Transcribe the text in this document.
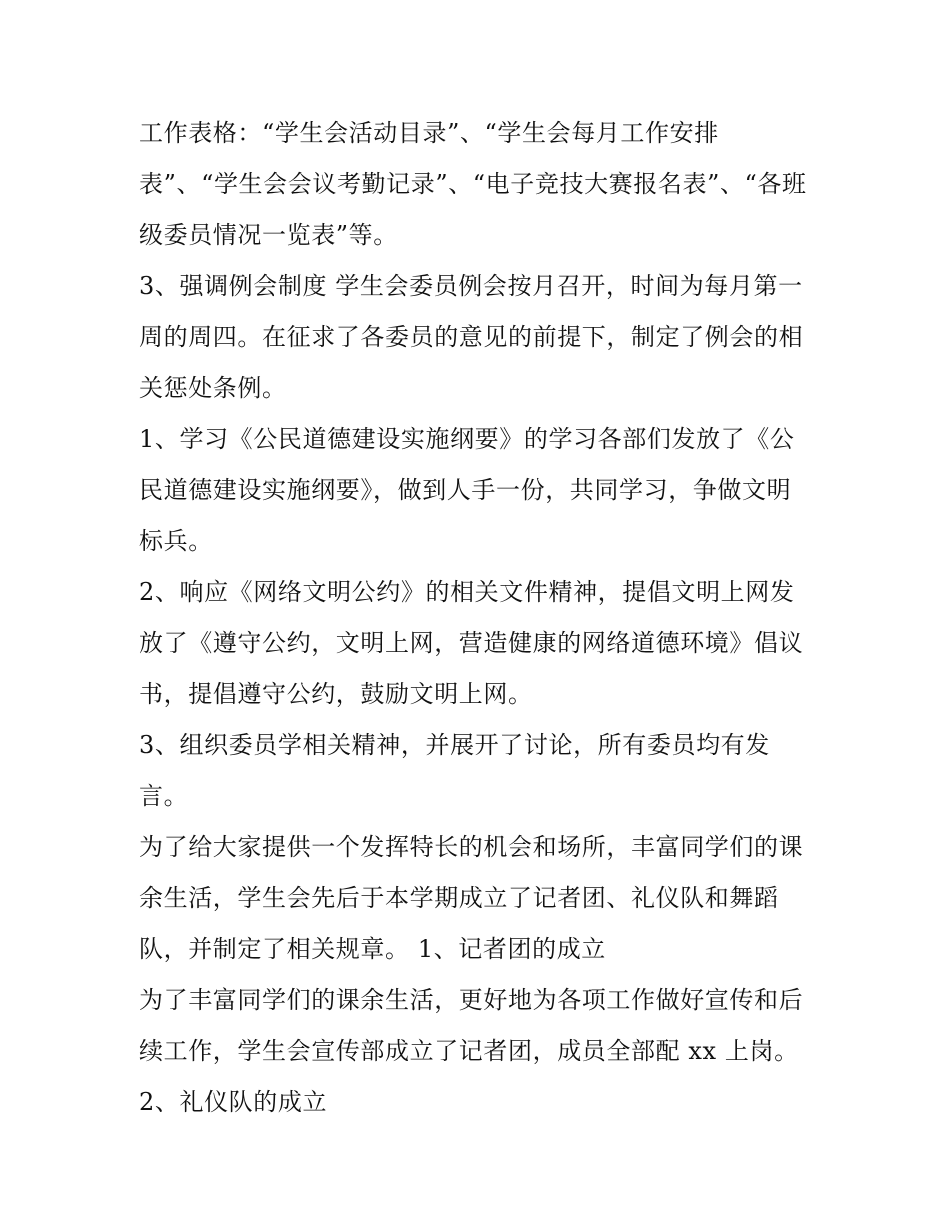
工作表格：“学生会活动目录”、“学生会每月工作安排
表”、“学生会会议考勤记录”、“电子竞技大赛报名表”、“各班
级委员情况一览表”等。
3、强调例会制度 学生会委员例会按月召开，时间为每月第一
周的周四。在征求了各委员的意见的前提下，制定了例会的相
关惩处条例。
1、学习《公民道德建设实施纲要》的学习各部们发放了《公
民道德建设实施纲要》，做到人手一份，共同学习，争做文明
标兵。
2、响应《网络文明公约》的相关文件精神，提倡文明上网发
放了《遵守公约，文明上网，营造健康的网络道德环境》倡议
书，提倡遵守公约，鼓励文明上网。
3、组织委员学相关精神，并展开了讨论，所有委员均有发
言。
为了给大家提供一个发挥特长的机会和场所，丰富同学们的课
余生活，学生会先后于本学期成立了记者团、礼仪队和舞蹈
队，并制定了相关规章。 1、记者团的成立
为了丰富同学们的课余生活，更好地为各项工作做好宣传和后
续工作，学生会宣传部成立了记者团，成员全部配 xx 上岗。
2、礼仪队的成立
